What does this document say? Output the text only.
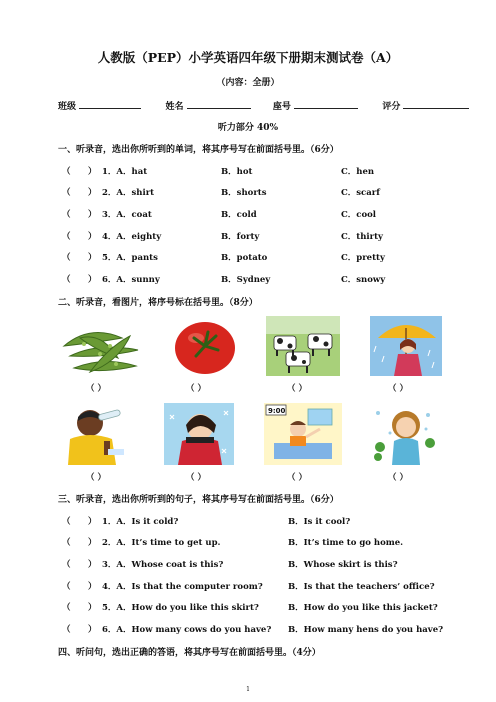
人教版（PEP）小学英语四年级下册期末测试卷（A）
（内容：全册）
班级	姓名	座号	评分
听力部分 40%
一、听录音，选出你所听到的单词，将其序号写在前面括号里。（6分）
（ ） 1．A．hat	B．hot	C．hen
（ ） 2．A．shirt	B．shorts	C．scarf
（ ） 3．A．coat	B．cold	C．cool
（ ） 4．A．eighty	B．forty	C．thirty
（ ） 5．A．pants	B．potato	C．pretty
（ ） 6．A．sunny	B．Sydney	C．snowy
二、听录音，看图片，将序号标在括号里。（8分）
（ ）	（ ）	（ ）	（ ）
9:00
（ ）	（ ）	（ ）	（ ）
三、听录音，选出你所听到的句子，将其序号写在前面括号里。（6分）
（ ） 1．A．Is it cold?	B．Is it cool?
（ ） 2．A．It’s time to get up.	B．It’s time to go home.
（ ） 3．A．Whose coat is this?	B．Whose skirt is this?
（ ） 4．A．Is that the computer room?	B．Is that the teachers’ office?
（ ） 5．A．How do you like this skirt?	B．How do you like this jacket?
（ ） 6．A．How many cows do you have? B．How many hens do you have?
四、听问句，选出正确的答语，将其序号写在前面括号里。（4分）
1
